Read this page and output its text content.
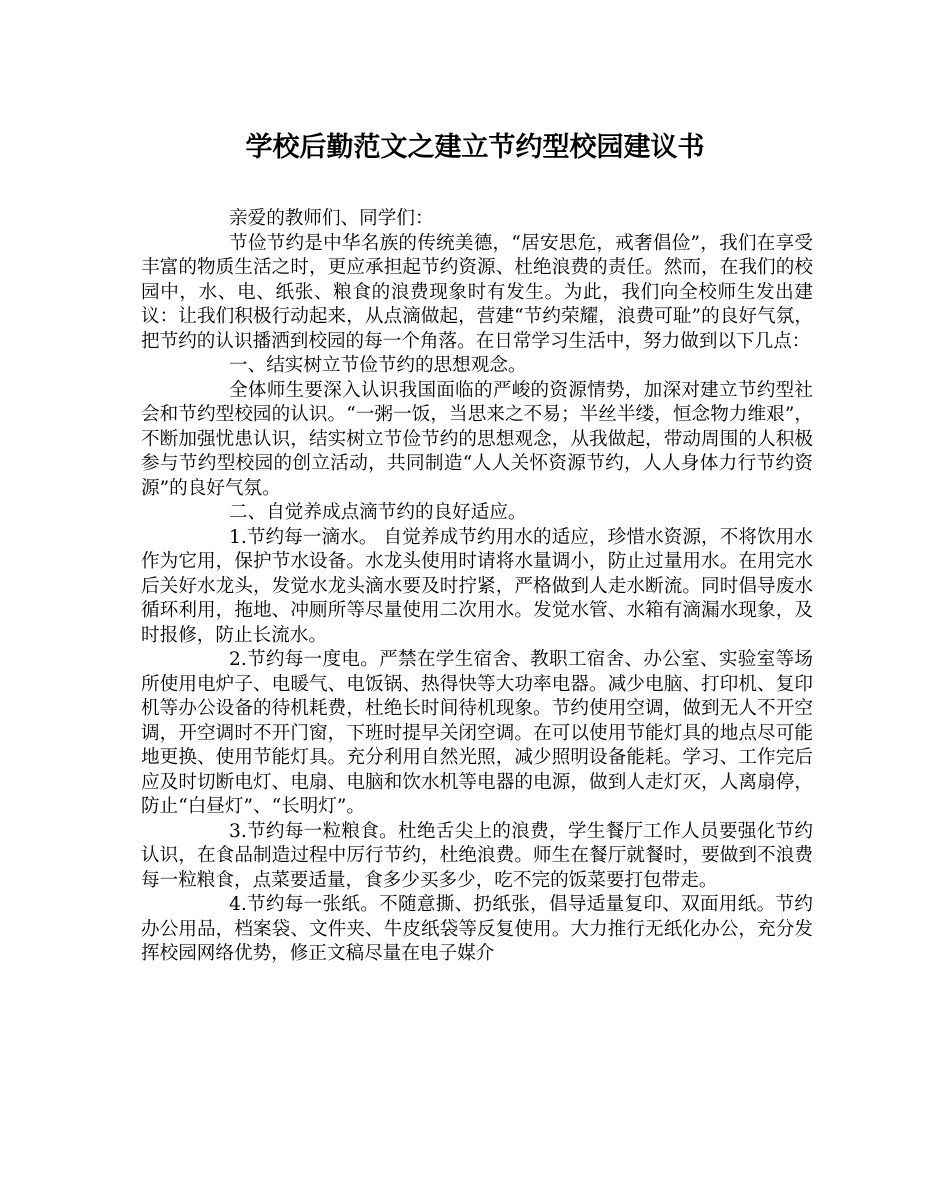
学校后勤范文之建立节约型校园建议书

亲爱的教师们、同学们：

节俭节约是中华名族的传统美德，“居安思危，戒奢倡俭”，我们在享受丰富的物质生活之时，更应承担起节约资源、杜绝浪费的责任。然而，在我们的校园中，水、电、纸张、粮食的浪费现象时有发生。为此，我们向全校师生发出建议：让我们积极行动起来，从点滴做起，营建“节约荣耀，浪费可耻”的良好气氛，把节约的认识播洒到校园的每一个角落。在日常学习生活中，努力做到以下几点：

一、结实树立节俭节约的思想观念。

全体师生要深入认识我国面临的严峻的资源情势，加深对建立节约型社会和节约型校园的认识。“一粥一饭，当思来之不易；半丝半缕，恒念物力维艰”，不断加强忧患认识，结实树立节俭节约的思想观念，从我做起，带动周围的人积极参与节约型校园的创立活动，共同制造“人人关怀资源节约，人人身体力行节约资源”的良好气氛。

二、自觉养成点滴节约的良好适应。

1.节约每一滴水。 自觉养成节约用水的适应，珍惜水资源，不将饮用水作为它用，保护节水设备。水龙头使用时请将水量调小，防止过量用水。在用完水后关好水龙头，发觉水龙头滴水要及时拧紧，严格做到人走水断流。同时倡导废水循环利用，拖地、冲厕所等尽量使用二次用水。发觉水管、水箱有滴漏水现象，及时报修，防止长流水。

2.节约每一度电。严禁在学生宿舍、教职工宿舍、办公室、实验室等场所使用电炉子、电暖气、电饭锅、热得快等大功率电器。减少电脑、打印机、复印机等办公设备的待机耗费，杜绝长时间待机现象。节约使用空调，做到无人不开空调，开空调时不开门窗，下班时提早关闭空调。在可以使用节能灯具的地点尽可能地更换、使用节能灯具。充分利用自然光照，减少照明设备能耗。学习、工作完后应及时切断电灯、电扇、电脑和饮水机等电器的电源，做到人走灯灭，人离扇停，防止“白昼灯”、“长明灯”。

3.节约每一粒粮食。杜绝舌尖上的浪费，学生餐厅工作人员要强化节约认识，在食品制造过程中厉行节约，杜绝浪费。师生在餐厅就餐时，要做到不浪费每一粒粮食，点菜要适量，食多少买多少，吃不完的饭菜要打包带走。

4.节约每一张纸。不随意撕、扔纸张，倡导适量复印、双面用纸。节约办公用品，档案袋、文件夹、牛皮纸袋等反复使用。大力推行无纸化办公，充分发挥校园网络优势，修正文稿尽量在电子媒介
